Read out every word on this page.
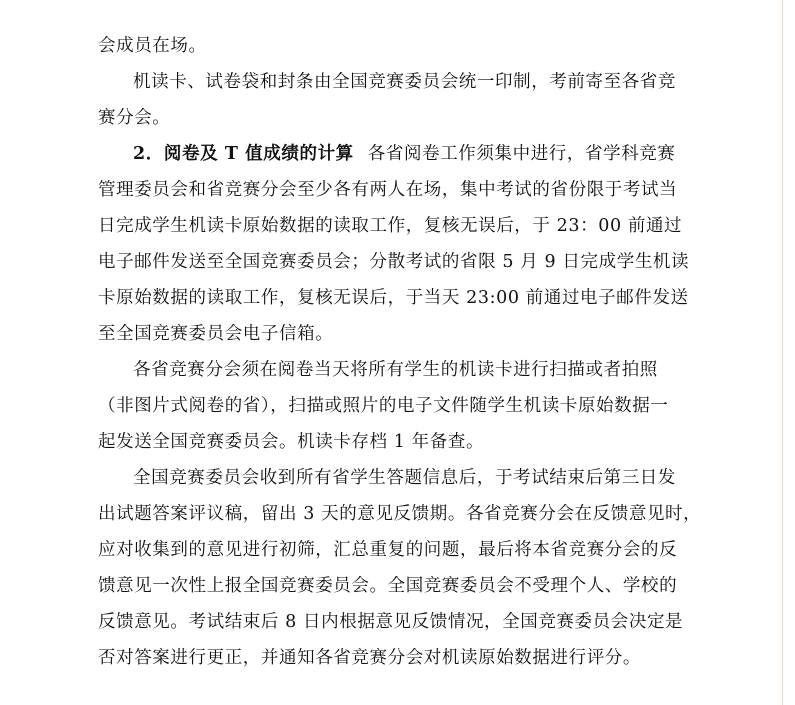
会成员在场。
机读卡、试卷袋和封条由全国竞赛委员会统一印制，考前寄至各省竞
赛分会。
2．阅卷及 T 值成绩的计算 各省阅卷工作须集中进行，省学科竞赛
管理委员会和省竞赛分会至少各有两人在场，集中考试的省份限于考试当
日完成学生机读卡原始数据的读取工作，复核无误后，于 23：00 前通过
电子邮件发送至全国竞赛委员会；分散考试的省限 5 月 9 日完成学生机读
卡原始数据的读取工作，复核无误后，于当天 23:00 前通过电子邮件发送
至全国竞赛委员会电子信箱。
各省竞赛分会须在阅卷当天将所有学生的机读卡进行扫描或者拍照
（非图片式阅卷的省），扫描或照片的电子文件随学生机读卡原始数据一
起发送全国竞赛委员会。机读卡存档 1 年备查。
全国竞赛委员会收到所有省学生答题信息后，于考试结束后第三日发
出试题答案评议稿，留出 3 天的意见反馈期。各省竞赛分会在反馈意见时，
应对收集到的意见进行初筛，汇总重复的问题，最后将本省竞赛分会的反
馈意见一次性上报全国竞赛委员会。全国竞赛委员会不受理个人、学校的
反馈意见。考试结束后 8 日内根据意见反馈情况，全国竞赛委员会决定是
否对答案进行更正，并通知各省竞赛分会对机读原始数据进行评分。
